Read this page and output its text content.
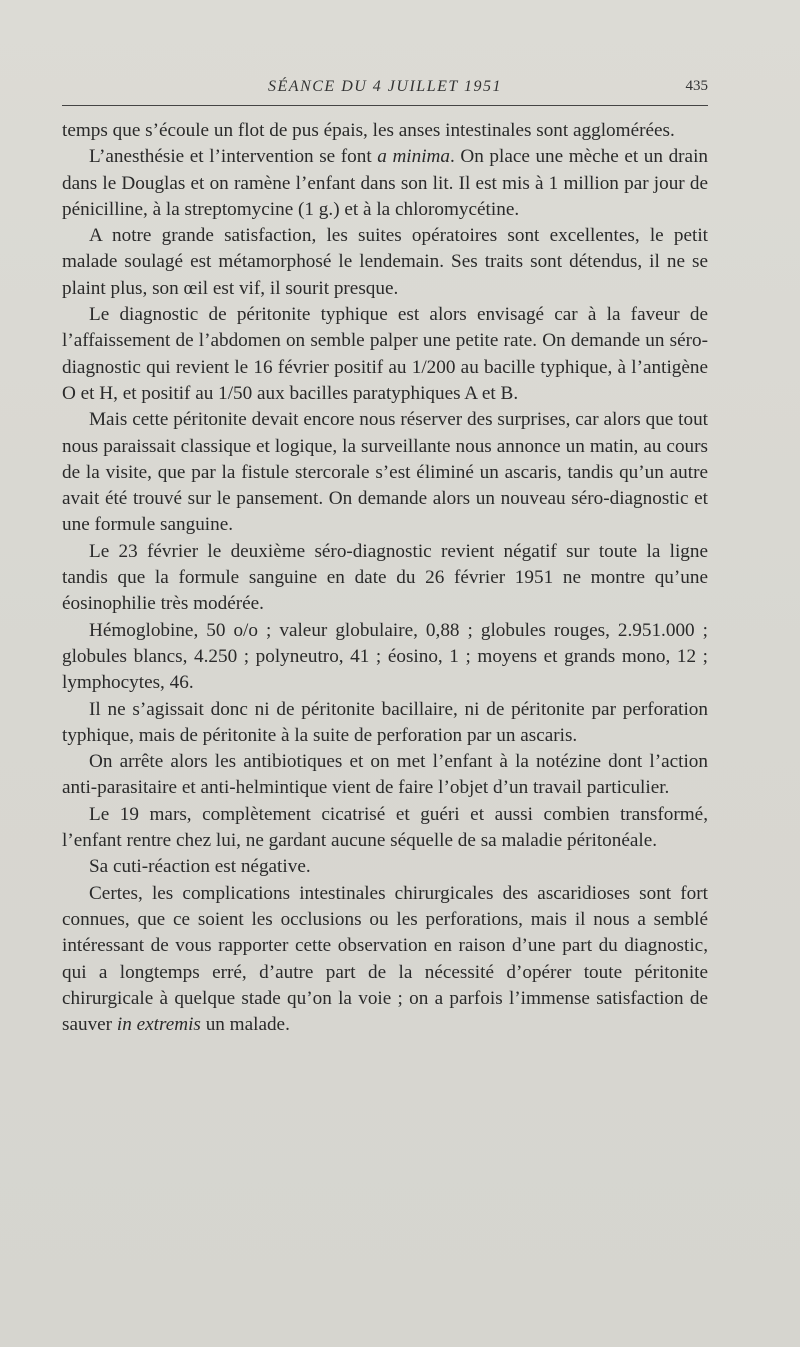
SÉANCE DU 4 JUILLET 1951	435

temps que s’écoule un flot de pus épais, les anses intestinales sont agglomérées.

L’anesthésie et l’intervention se font a minima. On place une mèche et un drain dans le Douglas et on ramène l’enfant dans son lit. Il est mis à 1 million par jour de pénicilline, à la streptomycine (1 g.) et à la chloromycétine.

A notre grande satisfaction, les suites opératoires sont excellentes, le petit malade soulagé est métamorphosé le lendemain. Ses traits sont détendus, il ne se plaint plus, son œil est vif, il sourit presque.

Le diagnostic de péritonite typhique est alors envisagé car à la faveur de l’affaissement de l’abdomen on semble palper une petite rate. On demande un séro-diagnostic qui revient le 16 février positif au 1/200 au bacille typhique, à l’antigène O et H, et positif au 1/50 aux bacilles paratyphiques A et B.

Mais cette péritonite devait encore nous réserver des surprises, car alors que tout nous paraissait classique et logique, la surveillante nous annonce un matin, au cours de la visite, que par la fistule stercorale s’est éliminé un ascaris, tandis qu’un autre avait été trouvé sur le pansement. On demande alors un nouveau séro-diagnostic et une formule sanguine.

Le 23 février le deuxième séro-diagnostic revient négatif sur toute la ligne tandis que la formule sanguine en date du 26 février 1951 ne montre qu’une éosinophilie très modérée.

Hémoglobine, 50 o/o ; valeur globulaire, 0,88 ; globules rouges, 2.951.000 ; globules blancs, 4.250 ; polyneutro, 41 ; éosino, 1 ; moyens et grands mono, 12 ; lymphocytes, 46.

Il ne s’agissait donc ni de péritonite bacillaire, ni de péritonite par perforation typhique, mais de péritonite à la suite de perforation par un ascaris.

On arrête alors les antibiotiques et on met l’enfant à la notézine dont l’action anti-parasitaire et anti-helmintique vient de faire l’objet d’un travail particulier.

Le 19 mars, complètement cicatrisé et guéri et aussi combien transformé, l’enfant rentre chez lui, ne gardant aucune séquelle de sa maladie péritonéale.

Sa cuti-réaction est négative.

Certes, les complications intestinales chirurgicales des ascaridioses sont fort connues, que ce soient les occlusions ou les perforations, mais il nous a semblé intéressant de vous rapporter cette observation en raison d’une part du diagnostic, qui a longtemps erré, d’autre part de la nécessité d’opérer toute péritonite chirurgicale à quelque stade qu’on la voie ; on a parfois l’immense satisfaction de sauver in extremis un malade.
